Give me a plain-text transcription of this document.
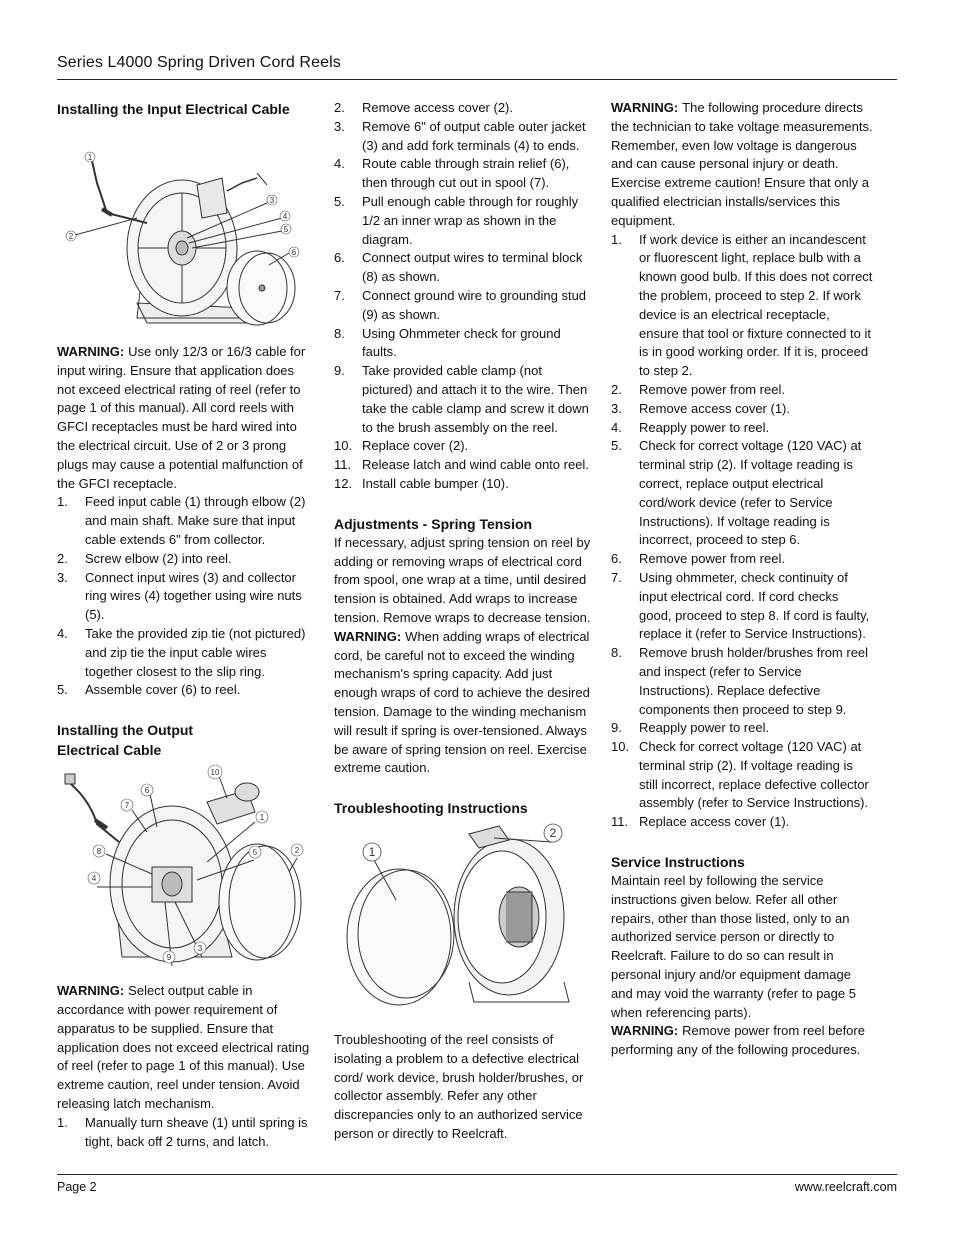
Series L4000 Spring Driven Cord Reels
Installing the Input Electrical Cable
1
2
3
4
5
6

WARNING: Use only 12/3 or 16/3 cable for input wiring. Ensure that application does not exceed electrical rating of reel (refer to page 1 of this manual). All cord reels with GFCI receptacles must be hard wired into the electrical circuit. Use of 2 or 3 prong plugs may cause a potential malfunction of the GFCI receptacle.

1. Feed input cable (1) through elbow (2) and main shaft. Make sure that input cable extends 6" from collector.
2. Screw elbow (2) into reel.
3. Connect input wires (3) and collector ring wires (4) together using wire nuts (5).
4. Take the provided zip tie (not pictured) and zip tie the input cable wires together closest to the slip ring.
5. Assemble cover (6) to reel.
Installing the Output
Electrical Cable
10
6
7
1
8	5	2
4
3
9

WARNING: Select output cable in accordance with power requirement of apparatus to be supplied. Ensure that application does not exceed electrical rating of reel (refer to page 1 of this manual). Use extreme caution, reel under tension. Avoid releasing latch mechanism.

1. Manually turn sheave (1) until spring is tight, back off 2 turns, and latch.
2. Remove access cover (2).
3. Remove 6" of output cable outer jacket (3) and add fork terminals (4) to ends.
4. Route cable through strain relief (6), then through cut out in spool (7).
5. Pull enough cable through for roughly 1/2 an inner wrap as shown in the diagram.
6. Connect output wires to terminal block (8) as shown.
7. Connect ground wire to grounding stud (9) as shown.
8. Using Ohmmeter check for ground faults.
9. Take provided cable clamp (not pictured) and attach it to the wire. Then take the cable clamp and screw it down to the brush assembly on the reel.
10. Replace cover (2).
11. Release latch and wind cable onto reel.
12. Install cable bumper (10).
Adjustments - Spring Tension

If necessary, adjust spring tension on reel by adding or removing wraps of electrical cord from spool, one wrap at a time, until desired tension is obtained. Add wraps to increase tension. Remove wraps to decrease tension.

WARNING: When adding wraps of electrical cord, be careful not to exceed the winding mechanism's spring capacity. Add just enough wraps of cord to achieve the desired tension. Damage to the winding mechanism will result if spring is over-tensioned. Always be aware of spring tension on reel. Exercise extreme caution.

Troubleshooting Instructions
1
2

Troubleshooting of the reel consists of isolating a problem to a defective electrical cord/ work device, brush holder/brushes, or collector assembly. Refer any other discrepancies only to an authorized service person or directly to Reelcraft.

WARNING: The following procedure directs the technician to take voltage measurements. Remember, even low voltage is dangerous and can cause personal injury or death. Exercise extreme caution! Ensure that only a qualified electrician installs/services this equipment.

1. If work device is either an incandescent or fluorescent light, replace bulb with a known good bulb. If this does not correct the problem, proceed to step 2. If work device is an electrical receptacle, ensure that tool or fixture connected to it is in good working order. If it is, proceed to step 2.
2. Remove power from reel.
3. Remove access cover (1).
4. Reapply power to reel.
5. Check for correct voltage (120 VAC) at terminal strip (2). If voltage reading is correct, replace output electrical cord/work device (refer to Service Instructions). If voltage reading is incorrect, proceed to step 6.
6. Remove power from reel.
7. Using ohmmeter, check continuity of input electrical cord. If cord checks good, proceed to step 8. If cord is faulty, replace it (refer to Service Instructions).
8. Remove brush holder/brushes from reel and inspect (refer to Service Instructions). Replace defective components then proceed to step 9.
9. Reapply power to reel.
10. Check for correct voltage (120 VAC) at terminal strip (2). If voltage reading is still incorrect, replace defective collector assembly (refer to Service Instructions).
11. Replace access cover (1).
Service Instructions

Maintain reel by following the service instructions given below. Refer all other repairs, other than those listed, only to an authorized service person or directly to Reelcraft. Failure to do so can result in personal injury and/or equipment damage and may void the warranty (refer to page 5 when referencing parts).

WARNING: Remove power from reel before performing any of the following procedures.

Page 2	www.reelcraft.com
